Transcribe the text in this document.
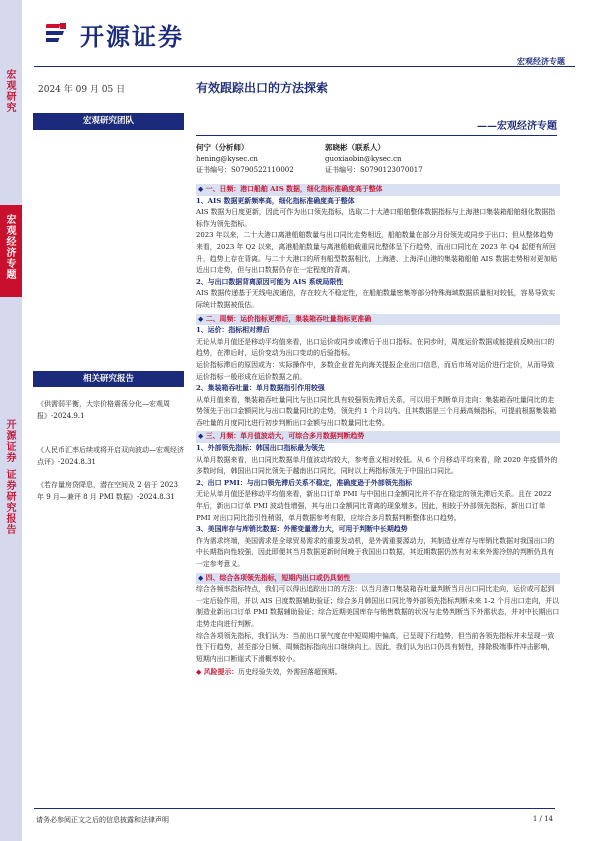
宏观研究
宏观经济专题
开源证券
证券研究报告
开源证券
宏观经济专题
2024 年 09 月 05 日	有效跟踪出口的方法探索
宏观研究团队	——宏观经济专题
何宁（分析师）
hening@kysec.cn
证书编号：S0790522110002
郭晓彬（联系人）
guoxiaobin@kysec.cn
证书编号：S0790123070017
相关研究报告
《供需弱平衡，大宗价格震荡分化—宏观周报》-2024.9.1
《人民币汇率后续或将开启双向波动—宏观经济点评》-2024.8.31
《若存量房贷降息，潜在空间及 2 倍于 2023 年 9 月—兼评 8 月 PMI 数据》-2024.8.31
◆ 一、日频：港口船舶 AIS 数据，细化指标准确度高于整体
1、AIS 数据更新频率高，细化指标准确度高于整体
AIS 数据为日度更新，因此可作为出口领先指标，选取二十大港口船舶整体数据指标与上海港口集装箱船舶细化数据指标作为领先指标。
2023 年以来，二十大港口离港船舶数量与出口同比走势相近，船舶数量在部分月份领先或同步于出口；但从整体趋势来看，2023 年 Q2 以来，离港船舶数量与离港船舶载重同比整体呈下行趋势，而出口同比在 2023 年 Q4 起便有所回升，趋势上存在背离。与二十大港口的所有船型数据相比，上海港、上海洋山港的集装箱船舶 AIS 数据走势相对更加贴近出口走势，但与出口数据仍存在一定程度的背离。
2、与出口数据背离原因可能为 AIS 系统局限性
AIS 数据传递基于无线电波通信，存在较大不稳定性，在船舶数量密集等部分特殊海域数据质量相对较低，容易导致实际统计数据被低估。
◆ 二、周频：运价指标更滞后，集装箱吞吐量指标更准确
1、运价：指标相对滞后
无论从单月值还是移动平均值来看，出口运价或同步或滞后于出口指标。在同步时，周度运价数据或能提前反映出口的趋势，在滞后时，运价变动为出口变动的后验指标。
运价指标滞后的原因或为：实际操作中，多数企业首先向海关提报企业出口信息，而后市场对运价进行定价，从而导致运价指标一般形成在运价数据之前。
2、集装箱吞吐量：单月数据指引作用较强
从单月值来看，集装箱吞吐量同比与出口同比具有较强领先滞后关系，可以用于判断单月走向：集装箱吞吐量同比的走势领先于出口金额同比与出口数量同比的走势，领先约 1 个月以内。且其数据是三个月最高频指标，可提前根据集装箱吞吐量的月度同比进行初步判断出口金额与出口数量同比走势。
◆ 三、月频：单月值波动大，可综合多月数据判断趋势
1、外部领先指标：韩国出口指标最为领先
从单月数据来看，出口同比数据单月值波动均较大，参考意义相对较低。从 6 个月移动平均来看，除 2020 年疫情外的多数时间，韩国出口同比领先于越南出口同比，同时以上两指标领先于中国出口同比。
2、出口 PMI：与出口领先滞后关系不稳定，准确度逊于外部领先指标
无论从单月值还是移动平均值来看，新出口订单 PMI 与中国出口金额同比并不存在稳定的领先滞后关系。且在 2022 年后，新出口订单 PMI 波动性增强，其与出口金额同比背离的现象增多。因此，相较于外部领先指标，新出口订单 PMI 对出口同比指引性稍弱，单月数据参考有限，应综合多月数据判断整体出口趋势。
3、美国库存与库销比数据：外需变量潜力大，可用于判断中长期趋势
作为需求终端，美国需求是全球贸易需求的重要发动机，是外需重要源动力，其制造业库存与库销比数据对我国出口的中长期指向性较强，因此即便其当月数据更新时间晚于我国出口数据，其近期数据仍然有对未来外需冷热的判断仍具有一定参考意义。
◆ 四、综合各项领先指标，短期内出口或仍具韧性
综合各频率指标特点，我们可以得出追踪出口的方法：以当月港口集装箱吞吐量判断当月出口同比走向，运价或可起到一定后验作用，并以 AIS 日度数据辅助验证；综合多月韩国出口同比等外部领先指标判断未来 1-2 个月出口走向，并以制造业新出口订单 PMI 数据辅助验证；综合近期美国库存与销售数据的状况与走势判断当下外需状态，并对中长期出口走势走向进行判断。
综合各项领先指标，我们认为：当前出口景气度在中短周期中偏高，已呈现下行趋势，但当前各领先指标并未呈现一致性下行趋势，甚至部分日频、周频指标指向出口继续向上。因此，我们认为出口仍具有韧性，排除极端事件冲击影响，短期内出口断崖式下滑概率较小。
◆ 风险提示：历史经验失效，外需回落超预期。
请务必参阅正文之后的信息披露和法律声明	1 / 14
